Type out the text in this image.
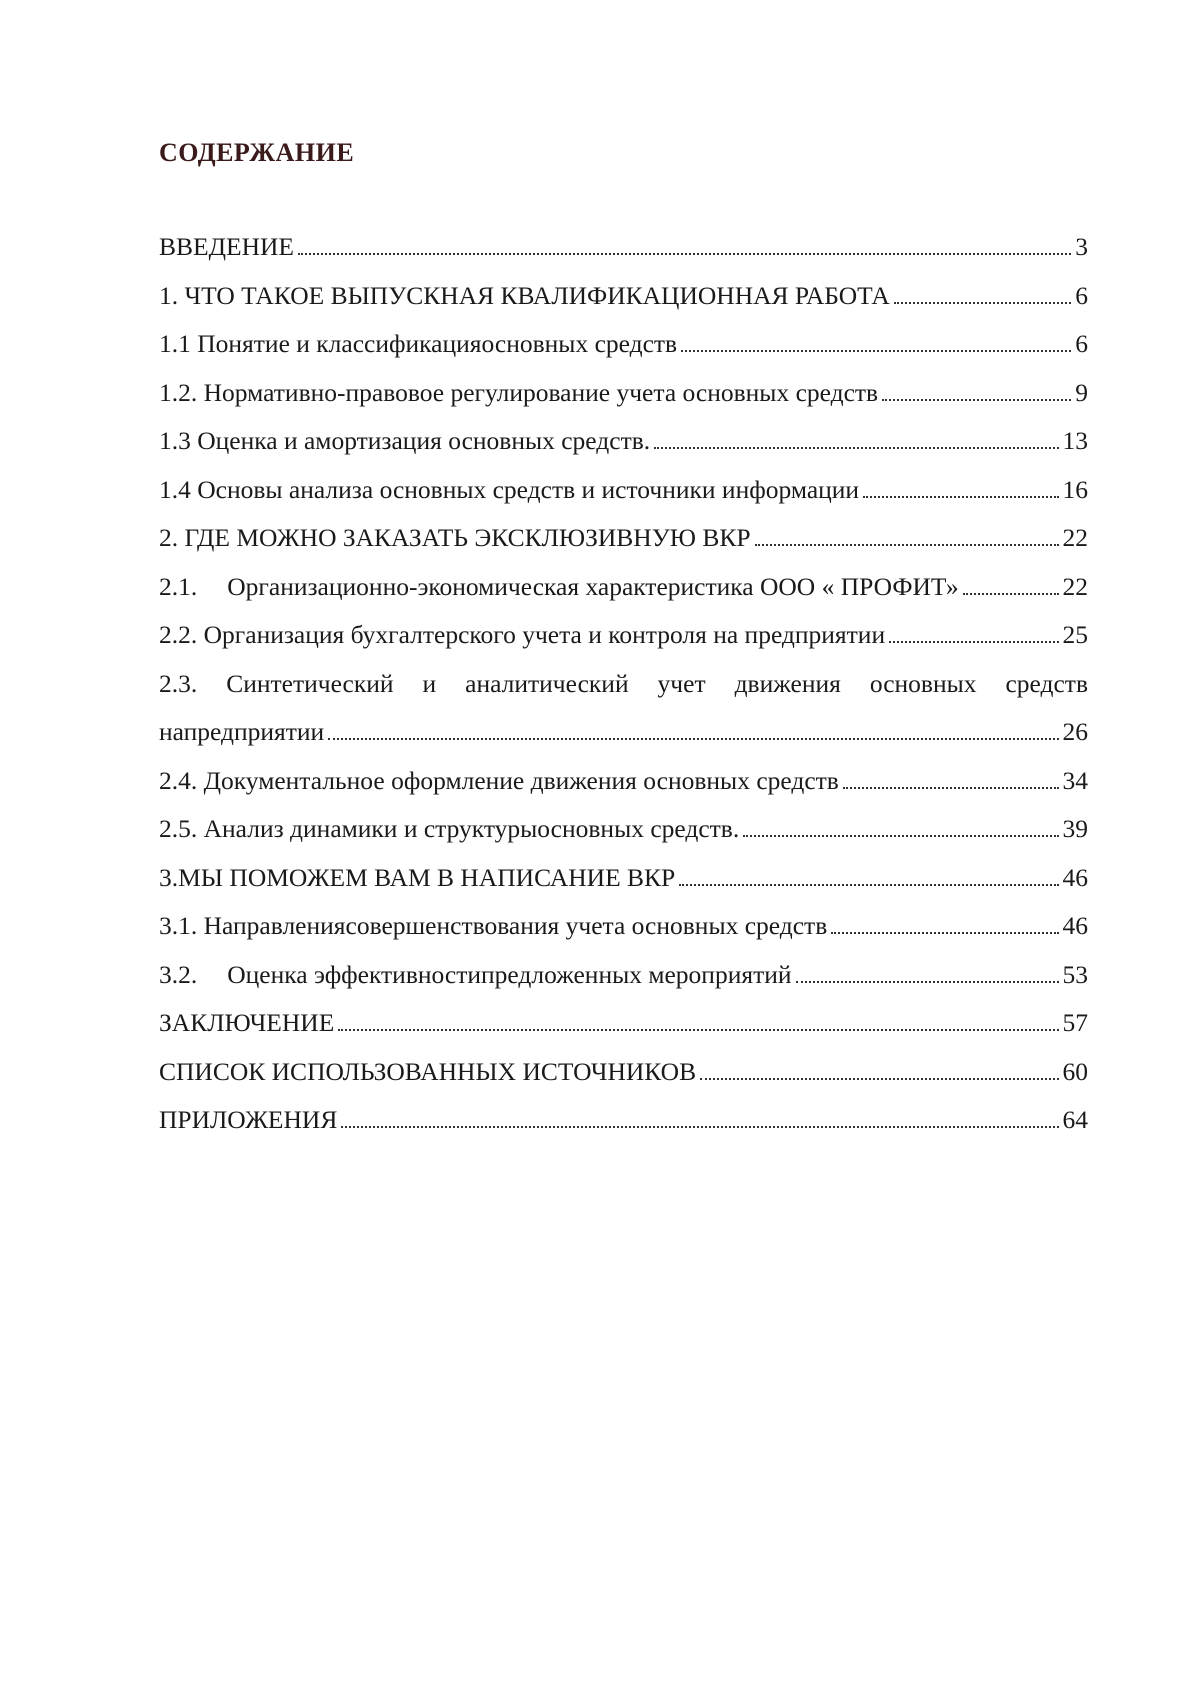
СОДЕРЖАНИЕ
ВВЕДЕНИЕ	3
1. ЧТО ТАКОЕ ВЫПУСКНАЯ КВАЛИФИКАЦИОННАЯ РАБОТА	6
1.1 Понятие и классификацияосновных средств	6
1.2. Нормативно-правовое регулирование учета основных средств	9
1.3 Оценка и амортизация основных средств.	13
1.4 Основы анализа основных средств и источники информации	16
2. ГДЕ МОЖНО ЗАКАЗАТЬ ЭКСКЛЮЗИВНУЮ ВКР	22
2.1. Организационно-экономическая характеристика ООО « ПРОФИТ»	22
2.2. Организация бухгалтерского учета и контроля на предприятии	25
2.3. Синтетический и аналитический учет движения основных средств
напредприятии	26
2.4. Документальное оформление движения основных средств	34
2.5. Анализ динамики и структурыосновных средств.	39
3.МЫ ПОМОЖЕМ ВАМ В НАПИСАНИЕ ВКР	46
3.1. Направлениясовершенствования учета основных средств	46
3.2. Оценка эффективностипредложенных мероприятий	53
ЗАКЛЮЧЕНИЕ	57
СПИСОК ИСПОЛЬЗОВАННЫХ ИСТОЧНИКОВ	60
ПРИЛОЖЕНИЯ	64
